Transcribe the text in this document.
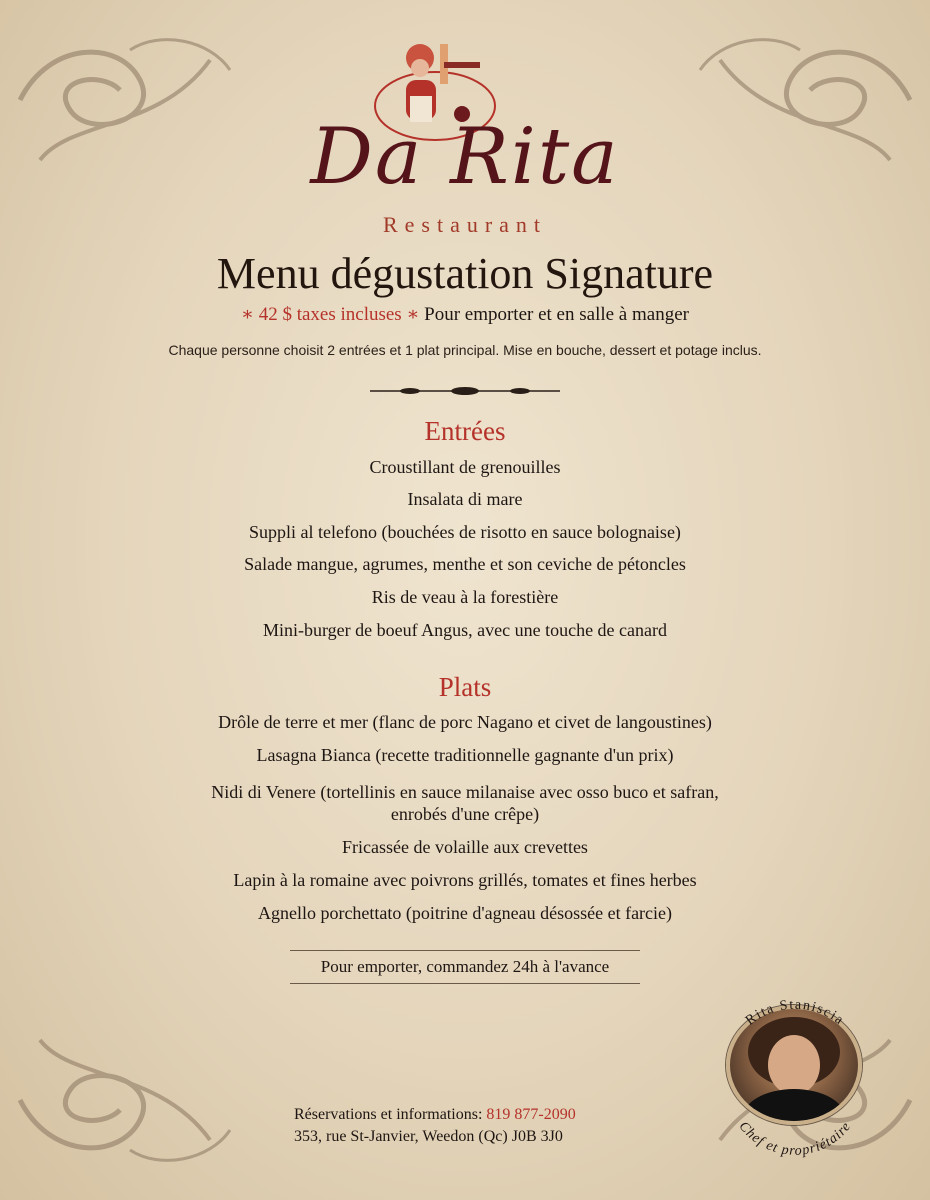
Da Rita
Restaurant
Menu dégustation Signature
∗ 42 $ taxes incluses ∗ Pour emporter et en salle à manger
Chaque personne choisit 2 entrées et 1 plat principal. Mise en bouche, dessert et potage inclus.
Entrées
Croustillant de grenouilles
Insalata di mare
Suppli al telefono (bouchées de risotto en sauce bolognaise)
Salade mangue, agrumes, menthe et son ceviche de pétoncles
Ris de veau à la forestière
Mini-burger de boeuf Angus, avec une touche de canard
Plats
Drôle de terre et mer (flanc de porc Nagano et civet de langoustines)
Lasagna Bianca (recette traditionnelle gagnante d'un prix)
Nidi di Venere (tortellinis en sauce milanaise avec osso buco et safran,
enrobés d'une crêpe)
Fricassée de volaille aux crevettes
Lapin à la romaine avec poivrons grillés, tomates et fines herbes
Agnello porchettato (poitrine d'agneau désossée et farcie)
Pour emporter, commandez 24h à l'avance
Réservations et informations: 819 877-2090
353, rue St-Janvier, Weedon (Qc) J0B 3J0
Rita Staniscia
Chef et propriétaire
